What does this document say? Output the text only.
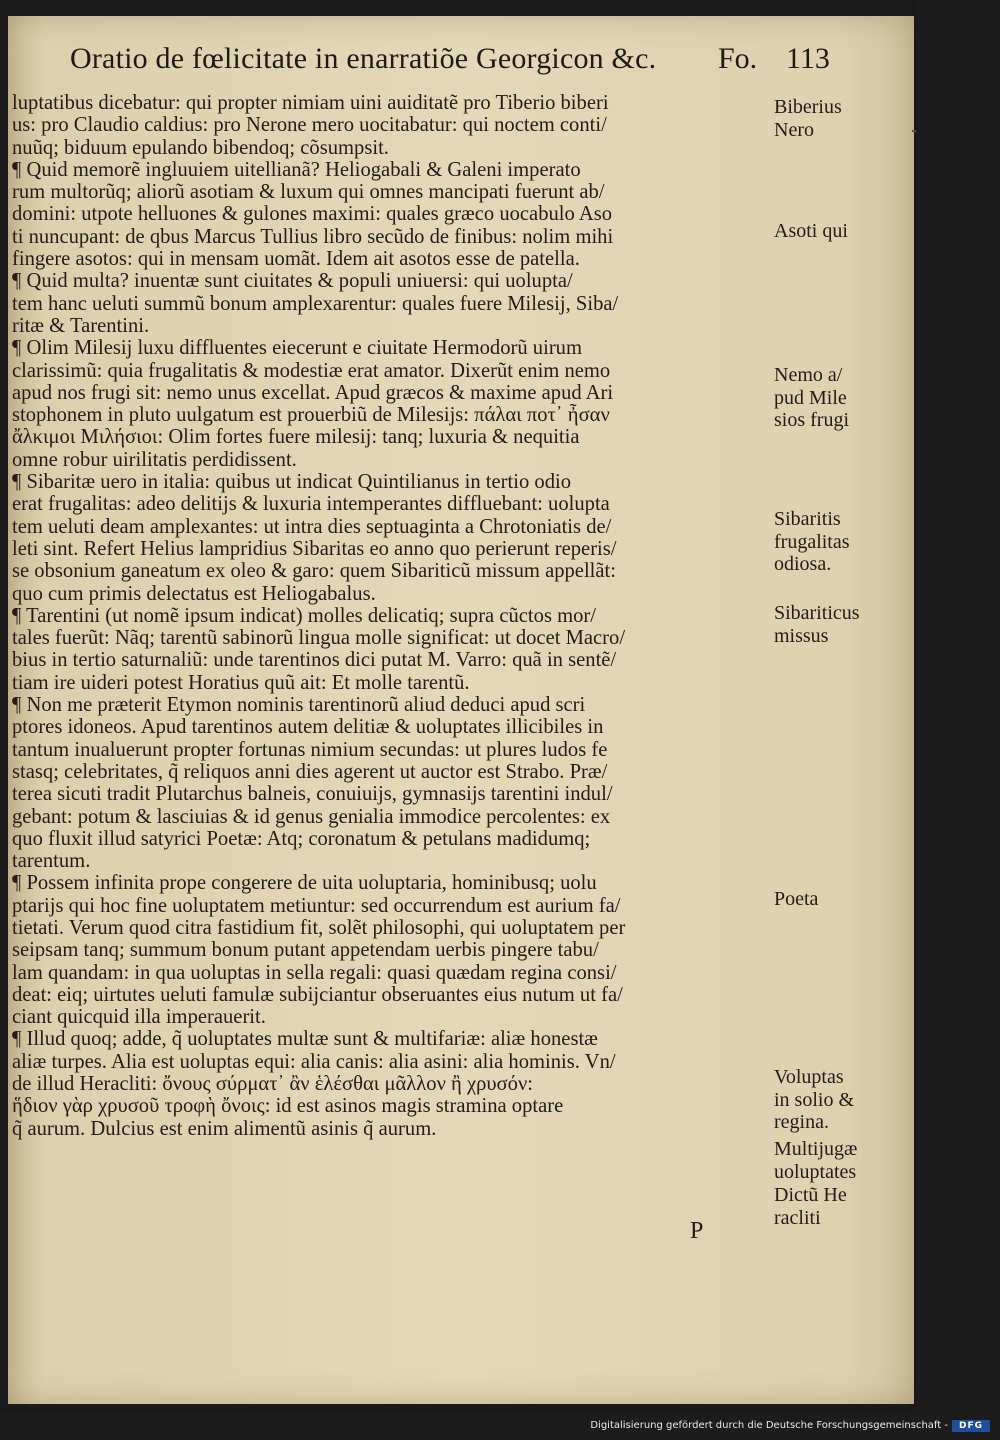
Oratio de fœlicitate in enarratiõe Georgicon &c. Fo. 113
luptatibus dicebatur: qui propter nimiam uini auiditatẽ pro Tiberio biberi
us: pro Claudio caldius: pro Nerone mero uocitabatur: qui noctem conti/
nuũq; biduum epulando bibendoq; cõsumpsit.
¶ Quid memorẽ ingluuiem uitellianã? Heliogabali & Galeni imperato
rum multorũq; aliorũ asotiam & luxum qui omnes mancipati fuerunt ab/
domini: utpote helluones & gulones maximi: quales græco uocabulo Aso
ti nuncupant: de qbus Marcus Tullius libro secũdo de finibus: nolim mihi
fingere asotos: qui in mensam uomãt. Idem ait asotos esse de patella.
¶ Quid multa? inuentæ sunt ciuitates & populi uniuersi: qui uolupta/
tem hanc ueluti summũ bonum amplexarentur: quales fuere Milesij, Siba/
ritæ & Tarentini.
¶ Olim Milesij luxu diffluentes eiecerunt e ciuitate Hermodorũ uirum
clarissimũ: quia frugalitatis & modestiæ erat amator. Dixerũt enim nemo
apud nos frugi sit: nemo unus excellat. Apud græcos & maxime apud Ari
stophonem in pluto uulgatum est prouerbiũ de Milesijs: πάλαι ποτ᾽ ἦσαν
ἄλκιμοι Μιλήσιοι: Olim fortes fuere milesij: tanq; luxuria & nequitia
omne robur uirilitatis perdidissent.
¶ Sibaritæ uero in italia: quibus ut indicat Quintilianus in tertio odio
erat frugalitas: adeo delitijs & luxuria intemperantes diffluebant: uolupta
tem ueluti deam amplexantes: ut intra dies septuaginta a Chrotoniatis de/
leti sint. Refert Helius lampridius Sibaritas eo anno quo perierunt reperis/
se obsonium ganeatum ex oleo & garo: quem Sibariticũ missum appellãt:
quo cum primis delectatus est Heliogabalus.
¶ Tarentini (ut nomẽ ipsum indicat) molles delicatiq; supra cũctos mor/
tales fuerũt: Nãq; tarentũ sabinorũ lingua molle significat: ut docet Macro/
bius in tertio saturnaliũ: unde tarentinos dici putat M. Varro: quã in sentẽ/
tiam ire uideri potest Horatius quũ ait: Et molle tarentũ.
¶ Non me præterit Etymon nominis tarentinorũ aliud deduci apud scri
ptores idoneos. Apud tarentinos autem delitiæ & uoluptates illicibiles in
tantum inualuerunt propter fortunas nimium secundas: ut plures ludos fe
stasq; celebritates, q̃ reliquos anni dies agerent ut auctor est Strabo. Præ/
terea sicuti tradit Plutarchus balneis, conuiuijs, gymnasijs tarentini indul/
gebant: potum & lasciuias & id genus genialia immodice percolentes: ex
quo fluxit illud satyrici Poetæ: Atq; coronatum & petulans madidumq;
tarentum.
¶ Possem infinita prope congerere de uita uoluptaria, hominibusq; uolu
ptarijs qui hoc fine uoluptatem metiuntur: sed occurrendum est aurium fa/
tietati. Verum quod citra fastidium fit, solẽt philosophi, qui uoluptatem per
seipsam tanq; summum bonum putant appetendam uerbis pingere tabu/
lam quandam: in qua uoluptas in sella regali: quasi quædam regina consi/
deat: eiq; uirtutes ueluti famulæ subijciantur obseruantes eius nutum ut fa/
ciant quicquid illa imperauerit.
¶ Illud quoq; adde, q̃ uoluptates multæ sunt & multifariæ: aliæ honestæ
aliæ turpes. Alia est uoluptas equi: alia canis: alia asini: alia hominis. Vn/
de illud Heracliti: ὄνους σύρματ᾽ ἂν ἑλέσθαι μᾶλλον ἢ χρυσόν:
ἥδιον γὰρ χρυσοῦ τροφὴ ὄνοις: id est asinos magis stramina optare
q̃ aurum. Dulcius est enim alimentũ asinis q̃ aurum.
Biberius
Nero
Asoti qui
Nemo a/
pud Mile
sios frugi
Sibaritis
frugalitas
odiosa.
Sibariticus
missus
Poeta
Voluptas
in solio &
regina.
Multijugæ
uoluptates
Dictũ He
racliti
P
Digitalisierung gefördert durch die Deutsche Forschungsgemeinschaft -	DFG
